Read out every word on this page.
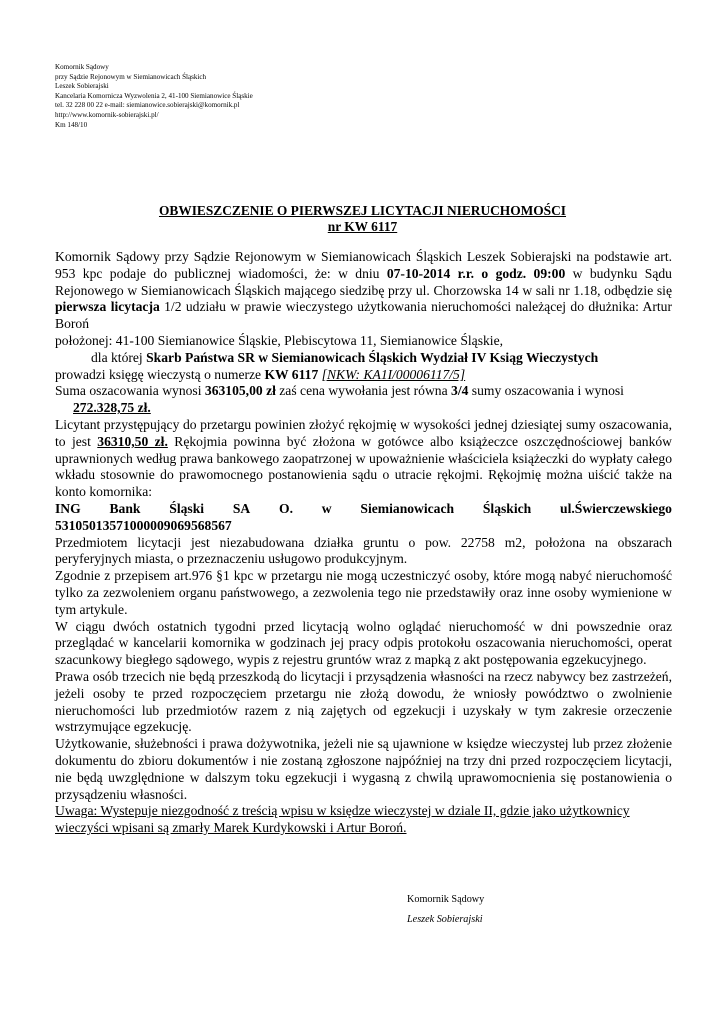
Komornik Sądowy
przy Sądzie Rejonowym w Siemianowicach Śląskich
Leszek Sobierajski
Kancelaria Komornicza Wyzwolenia 2, 41-100 Siemianowice Śląskie
tel. 32 228 00 22 e-mail: siemianowice.sobierajski@komornik.pl
http://www.komornik-sobierajski.pl/
Km 148/10
OBWIESZCZENIE O PIERWSZEJ LICYTACJI NIERUCHOMOŚCI
nr KW 6117

Komornik Sądowy przy Sądzie Rejonowym w Siemianowicach Śląskich Leszek Sobierajski na podstawie art. 953 kpc podaje do publicznej wiadomości, że: w dniu 07-10-2014 r.r. o godz. 09:00 w budynku Sądu Rejonowego w Siemianowicach Śląskich mającego siedzibę przy ul. Chorzowska 14 w sali nr 1.18, odbędzie się pierwsza licytacja 1/2 udziału w prawie wieczystego użytkowania nieruchomości należącej do dłużnika: Artur Boroń

położonej: 41-100 Siemianowice Śląskie, Plebiscytowa 11, Siemianowice Śląskie,

dla której Skarb Państwa SR w Siemianowicach Śląskich Wydział IV Ksiąg Wieczystych

prowadzi księgę wieczystą o numerze KW 6117 [NKW: KA1I/00006117/5]

Suma oszacowania wynosi 363105,00 zł zaś cena wywołania jest równa 3/4 sumy oszacowania i wynosi

272.328,75 zł.

Licytant przystępujący do przetargu powinien złożyć rękojmię w wysokości jednej dziesiątej sumy oszacowania, to jest 36310,50 zł. Rękojmia powinna być złożona w gotówce albo książeczce oszczędnościowej banków uprawnionych według prawa bankowego zaopatrzonej w upoważnienie właściciela książeczki do wypłaty całego wkładu stosownie do prawomocnego postanowienia sądu o utracie rękojmi. Rękojmię można uiścić także na konto komornika:

ING Bank Śląski SA O. w Siemianowicach Śląskich ul.Świerczewskiego

53105013571000009069568567

Przedmiotem licytacji jest niezabudowana działka gruntu o pow. 22758 m2, położona na obszarach peryferyjnych miasta, o przeznaczeniu usługowo produkcyjnym.

Zgodnie z przepisem art.976 §1 kpc w przetargu nie mogą uczestniczyć osoby, które mogą nabyć nieruchomość tylko za zezwoleniem organu państwowego, a zezwolenia tego nie przedstawiły oraz inne osoby wymienione w tym artykule.

W ciągu dwóch ostatnich tygodni przed licytacją wolno oglądać nieruchomość w dni powszednie oraz przeglądać w kancelarii komornika w godzinach jej pracy odpis protokołu oszacowania nieruchomości, operat szacunkowy biegłego sądowego, wypis z rejestru gruntów wraz z mapką z akt postępowania egzekucyjnego.

Prawa osób trzecich nie będą przeszkodą do licytacji i przysądzenia własności na rzecz nabywcy bez zastrzeżeń, jeżeli osoby te przed rozpoczęciem przetargu nie złożą dowodu, że wniosły powództwo o zwolnienie nieruchomości lub przedmiotów razem z nią zajętych od egzekucji i uzyskały w tym zakresie orzeczenie wstrzymujące egzekucję.

Użytkowanie, służebności i prawa dożywotnika, jeżeli nie są ujawnione w księdze wieczystej lub przez złożenie dokumentu do zbioru dokumentów i nie zostaną zgłoszone najpóźniej na trzy dni przed rozpoczęciem licytacji, nie będą uwzględnione w dalszym toku egzekucji i wygasną z chwilą uprawomocnienia się postanowienia o przysądzeniu własności.

Uwaga: Wystepuje niezgodność z treścią wpisu w księdze wieczystej w dziale II, gdzie jako użytkownicy wieczyści wpisani są zmarły Marek Kurdykowski i Artur Boroń.

Komornik Sądowy
Leszek Sobierajski
